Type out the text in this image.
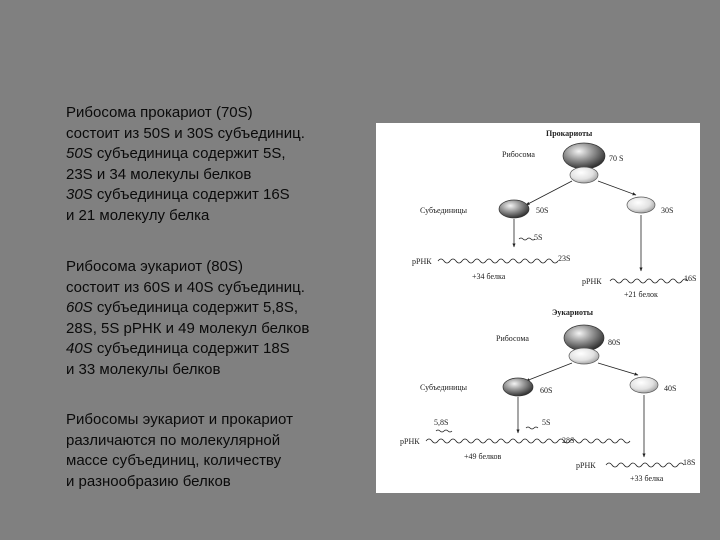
Рибосома прокариот (70S)
состоит из 50S и 30S субъединиц.
50S субъединица содержит 5S,
23S и 34 молекулы белков
30S субъединица содержит 16S
и 21 молекулу белка
Рибосома эукариот (80S)
состоит из 60S и 40S субъединиц.
60S субъединица содержит 5,8S,
28S, 5S рРНК и 49 молекул белков
40S субъединица содержит 18S
и 33 молекулы белков
Рибосомы эукариот и прокариот
различаются по молекулярной
массе субъединиц, количеству
и разнообразию белков
Прокариоты
Рибосома	70 S
Субъединицы	50S	30S
5S
рРНК	23S
+34 белка
рРНК	16S
+21 белок
Эукариоты
Рибосома	80S
Субъединицы	60S	40S
5,8S	5S
рРНК	28S
+49 белков
рРНК	18S
+33 белка
